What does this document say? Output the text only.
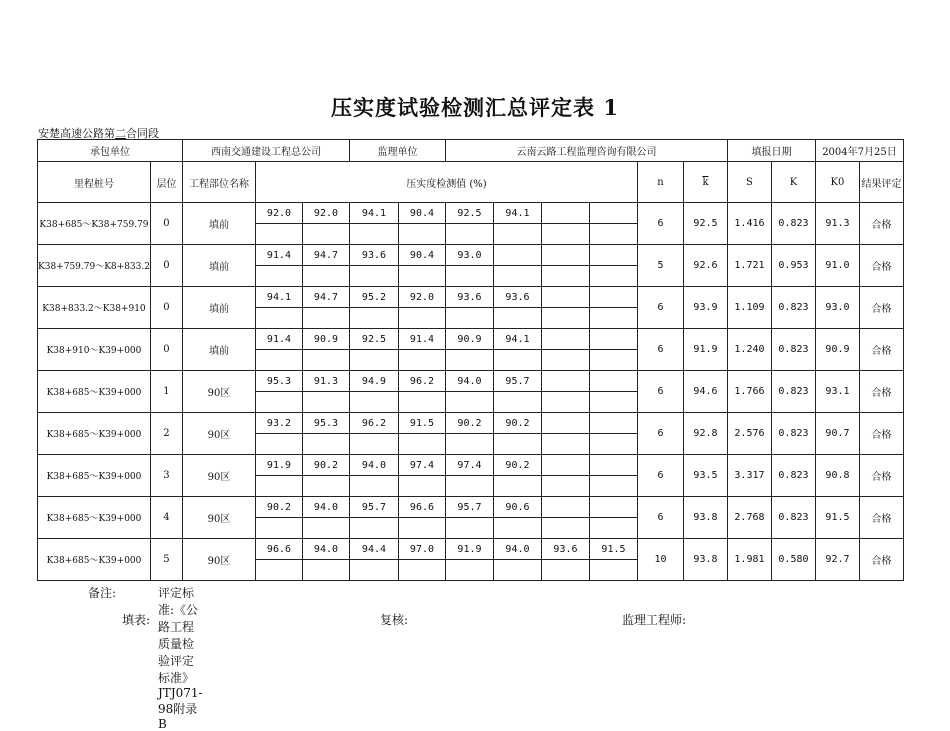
压实度试验检测汇总评定表 1
安楚高速公路第二合同段
承包单位		西南交通建设工程总公司			监理单位		云南云路工程监理咨询有限公司						填报日期		2004年7月25日	
里程桩号	层位	工程部位名称	压实度检测值 (%)								n	$\overline{k}$	S	K	K0	结果评定
K38+685～K38+759.79	0	填前	92.0	92.0	94.1	90.4	92.5	94.1			6	92.5	1.416	0.823	91.3	合格

K38+759.79～K8+833.2	0	填前	91.4	94.7	93.6	90.4	93.0				5	92.6	1.721	0.953	91.0	合格

K38+833.2～K38+910	0	填前	94.1	94.7	95.2	92.0	93.6	93.6			6	93.9	1.109	0.823	93.0	合格

K38+910～K39+000	0	填前	91.4	90.9	92.5	91.4	90.9	94.1			6	91.9	1.240	0.823	90.9	合格

K38+685～K39+000	1	90区	95.3	91.3	94.9	96.2	94.0	95.7			6	94.6	1.766	0.823	93.1	合格

K38+685～K39+000	2	90区	93.2	95.3	96.2	91.5	90.2	90.2			6	92.8	2.576	0.823	90.7	合格

K38+685～K39+000	3	90区	91.9	90.2	94.0	97.4	97.4	90.2			6	93.5	3.317	0.823	90.8	合格

K38+685～K39+000	4	90区	90.2	94.0	95.7	96.6	95.7	90.6			6	93.8	2.768	0.823	91.5	合格

K38+685～K39+000	5	90区	96.6	94.0	94.4	97.0	91.9	94.0	93.6	91.5	10	93.8	1.981	0.580	92.7	合格

备注:	评定标准:《公路工程质量检验评定标准》JTJ071-98附录B
填表:	复核:	监理工程师:
